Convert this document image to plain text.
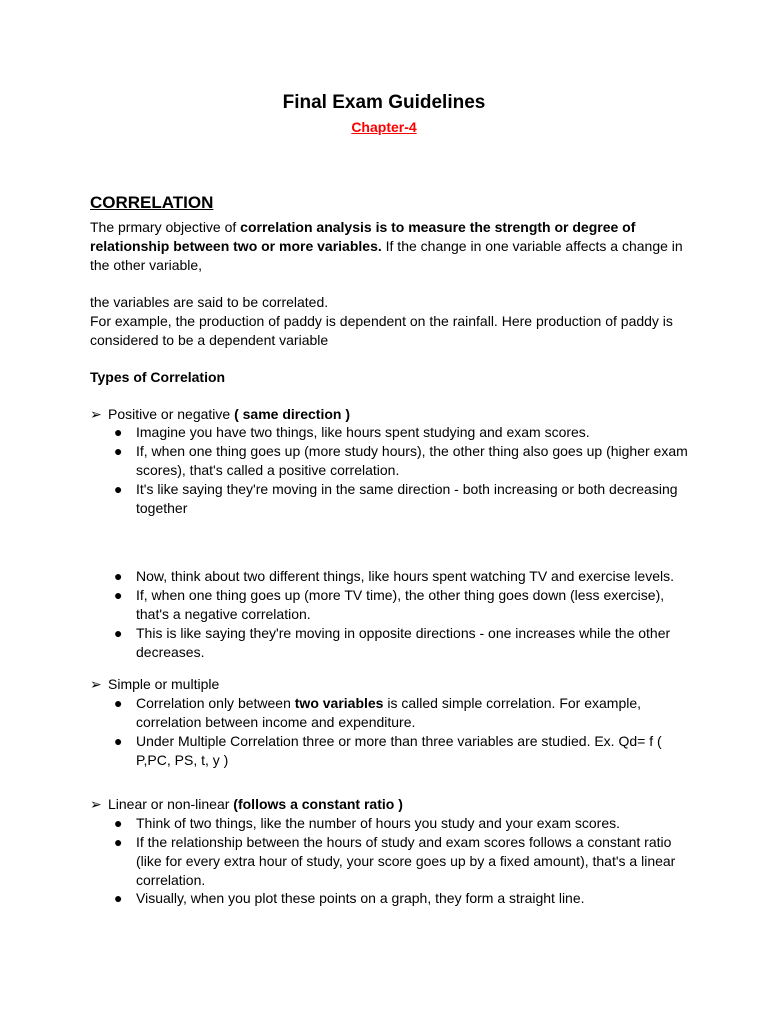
Final Exam Guidelines
Chapter-4
CORRELATION

The prmary objective of correlation analysis is to measure the strength or degree of relationship between two or more variables. If the change in one variable affects a change in the other variable,

the variables are said to be correlated.

For example, the production of paddy is dependent on the rainfall. Here production of paddy is considered to be a dependent variable

Types of Correlation

➢ Positive or negative ( same direction )
● Imagine you have two things, like hours spent studying and exam scores.
● If, when one thing goes up (more study hours), the other thing also goes up (higher exam scores), that's called a positive correlation.
● It's like saying they're moving in the same direction - both increasing or both decreasing together
● Now, think about two different things, like hours spent watching TV and exercise levels.
● If, when one thing goes up (more TV time), the other thing goes down (less exercise), that's a negative correlation.
● This is like saying they're moving in opposite directions - one increases while the other decreases.
➢ Simple or multiple
● Correlation only between two variables is called simple correlation. For example, correlation between income and expenditure.
● Under Multiple Correlation three or more than three variables are studied. Ex. Qd= f ( P,PC, PS, t, y )
➢ Linear or non-linear (follows a constant ratio )
● Think of two things, like the number of hours you study and your exam scores.
● If the relationship between the hours of study and exam scores follows a constant ratio (like for every extra hour of study, your score goes up by a fixed amount), that's a linear correlation.
● Visually, when you plot these points on a graph, they form a straight line.
